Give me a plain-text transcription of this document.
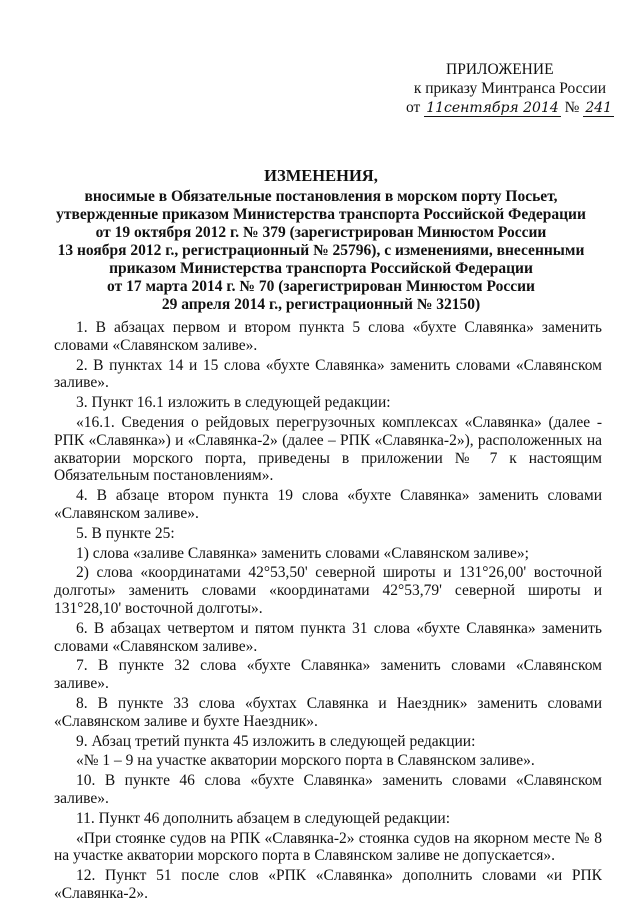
ПРИЛОЖЕНИЕ
к приказу Минтранса России
от 11сентября 2014 № 241
ИЗМЕНЕНИЯ,
вносимые в Обязательные постановления в морском порту Посьет,
утвержденные приказом Министерства транспорта Российской Федерации
от 19 октября 2012 г. № 379 (зарегистрирован Минюстом России
13 ноября 2012 г., регистрационный № 25796), с изменениями, внесенными
приказом Министерства транспорта Российской Федерации
от 17 марта 2014 г. № 70 (зарегистрирован Минюстом России
29 апреля 2014 г., регистрационный № 32150)

1. В абзацах первом и втором пункта 5 слова «бухте Славянка» заменить словами «Славянском заливе».

2. В пунктах 14 и 15 слова «бухте Славянка» заменить словами «Славянском заливе».

3. Пункт 16.1 изложить в следующей редакции:

«16.1. Сведения о рейдовых перегрузочных комплексах «Славянка» (далее - РПК «Славянка») и «Славянка-2» (далее – РПК «Славянка-2»), расположенных на акватории морского порта, приведены в приложении № 7 к настоящим Обязательным постановлениям».

4. В абзаце втором пункта 19 слова «бухте Славянка» заменить словами «Славянском заливе».

5. В пункте 25:

1) слова «заливе Славянка» заменить словами «Славянском заливе»;

2) слова «координатами 42°53,50' северной широты и 131°26,00' восточной долготы» заменить словами «координатами 42°53,79' северной широты и 131°28,10' восточной долготы».

6. В абзацах четвертом и пятом пункта 31 слова «бухте Славянка» заменить словами «Славянском заливе».

7. В пункте 32 слова «бухте Славянка» заменить словами «Славянском заливе».

8. В пункте 33 слова «бухтах Славянка и Наездник» заменить словами «Славянском заливе и бухте Наездник».

9. Абзац третий пункта 45 изложить в следующей редакции:

«№ 1 – 9 на участке акватории морского порта в Славянском заливе».

10. В пункте 46 слова «бухте Славянка» заменить словами «Славянском заливе».

11. Пункт 46 дополнить абзацем в следующей редакции:

«При стоянке судов на РПК «Славянка-2» стоянка судов на якорном месте № 8 на участке акватории морского порта в Славянском заливе не допускается».

12. Пункт 51 после слов «РПК «Славянка» дополнить словами «и РПК «Славянка-2».
